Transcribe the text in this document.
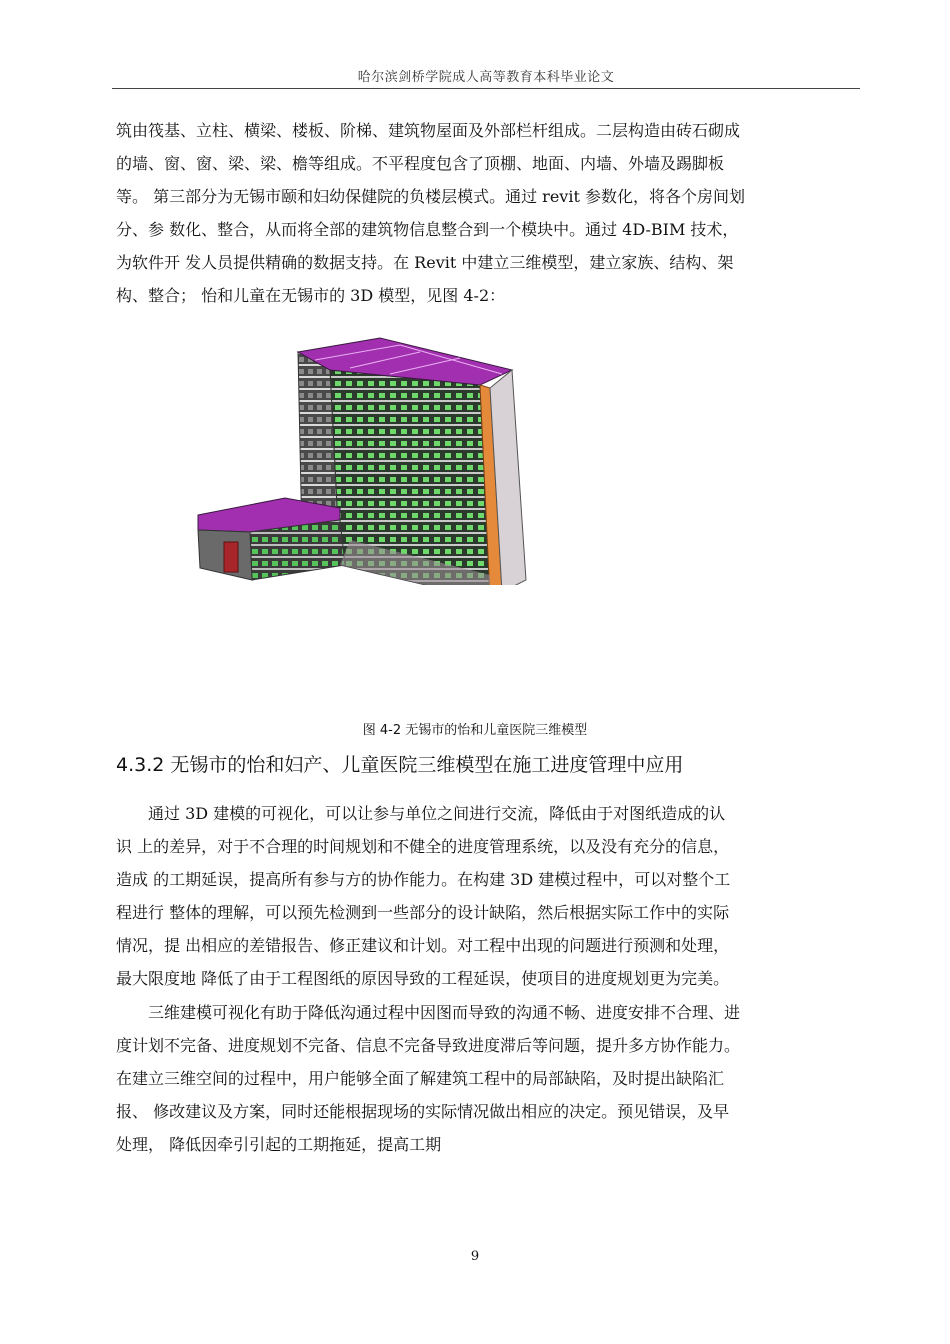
哈尔滨剑桥学院成人高等教育本科毕业论文

筑由筏基、立柱、横梁、楼板、阶梯、建筑物屋面及外部栏杆组成。二层构造由砖石砌成

的墙、窗、窗、梁、梁、檐等组成。不平程度包含了顶棚、地面、内墙、外墙及踢脚板

等。 第三部分为无锡市颐和妇幼保健院的负楼层模式。通过 revit 参数化，将各个房间划

分、参 数化、整合，从而将全部的建筑物信息整合到一个模块中。通过 4D-BIM 技术，

为软件开 发人员提供精确的数据支持。在 Revit 中建立三维模型，建立家族、结构、架

构、整合； 怡和儿童在无锡市的 3D 模型，见图 4-2：

图 4-2 无锡市的怡和儿童医院三维模型
4.3.2 无锡市的怡和妇产、儿童医院三维模型在施工进度管理中应用

通过 3D 建模的可视化，可以让参与单位之间进行交流，降低由于对图纸造成的认

识 上的差异，对于不合理的时间规划和不健全的进度管理系统，以及没有充分的信息，

造成 的工期延误，提高所有参与方的协作能力。在构建 3D 建模过程中，可以对整个工

程进行 整体的理解，可以预先检测到一些部分的设计缺陷，然后根据实际工作中的实际

情况，提 出相应的差错报告、修正建议和计划。对工程中出现的问题进行预测和处理，

最大限度地 降低了由于工程图纸的原因导致的工程延误，使项目的进度规划更为完美。

三维建模可视化有助于降低沟通过程中因图而导致的沟通不畅、进度安排不合理、进

度计划不完备、进度规划不完备、信息不完备导致进度滞后等问题，提升多方协作能力。

在建立三维空间的过程中，用户能够全面了解建筑工程中的局部缺陷，及时提出缺陷汇

报、 修改建议及方案，同时还能根据现场的实际情况做出相应的决定。预见错误，及早

处理， 降低因牵引引起的工期拖延，提高工期

9
